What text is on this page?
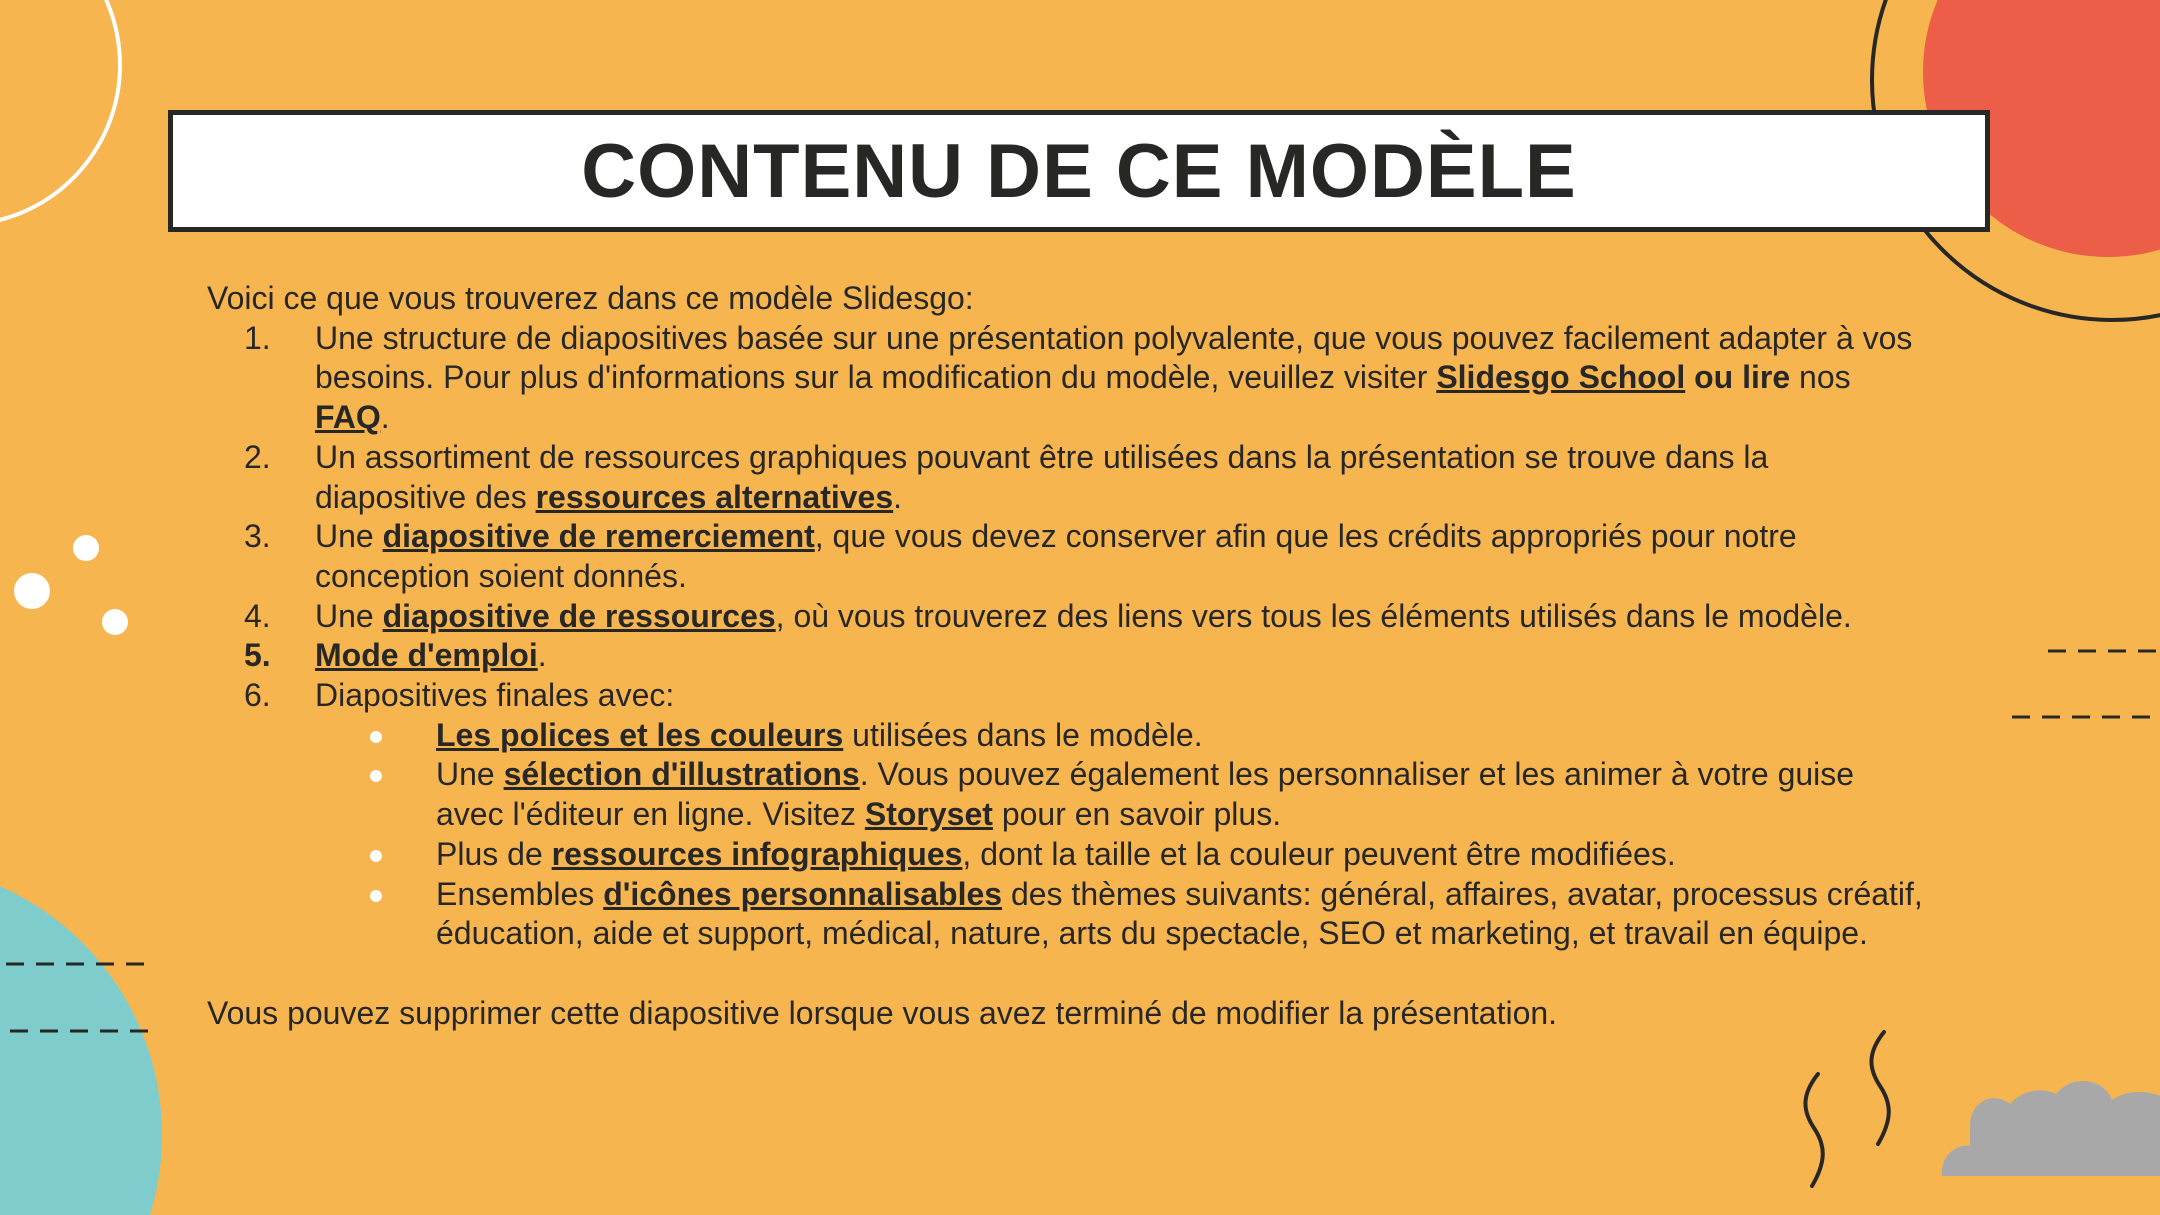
CONTENU DE CE MODÈLE

Voici ce que vous trouverez dans ce modèle Slidesgo:

1.	Une structure de diapositives basée sur une présentation polyvalente, que vous pouvez facilement adapter à vos besoins. Pour plus d'informations sur la modification du modèle, veuillez visiter Slidesgo School ou lire nos FAQ.
2.	Un assortiment de ressources graphiques pouvant être utilisées dans la présentation se trouve dans la diapositive des ressources alternatives.
3.	Une diapositive de remerciement, que vous devez conserver afin que les crédits appropriés pour notre conception soient donnés.
4.	Une diapositive de ressources, où vous trouverez des liens vers tous les éléments utilisés dans le modèle.
5.	Mode d'emploi.
6.	Diapositives finales avec:
Les polices et les couleurs utilisées dans le modèle.
Une sélection d'illustrations. Vous pouvez également les personnaliser et les animer à votre guise avec l'éditeur en ligne. Visitez Storyset pour en savoir plus.
Plus de ressources infographiques, dont la taille et la couleur peuvent être modifiées.
Ensembles d'icônes personnalisables des thèmes suivants: général, affaires, avatar, processus créatif, éducation, aide et support, médical, nature, arts du spectacle, SEO et marketing, et travail en équipe.

Vous pouvez supprimer cette diapositive lorsque vous avez terminé de modifier la présentation.
